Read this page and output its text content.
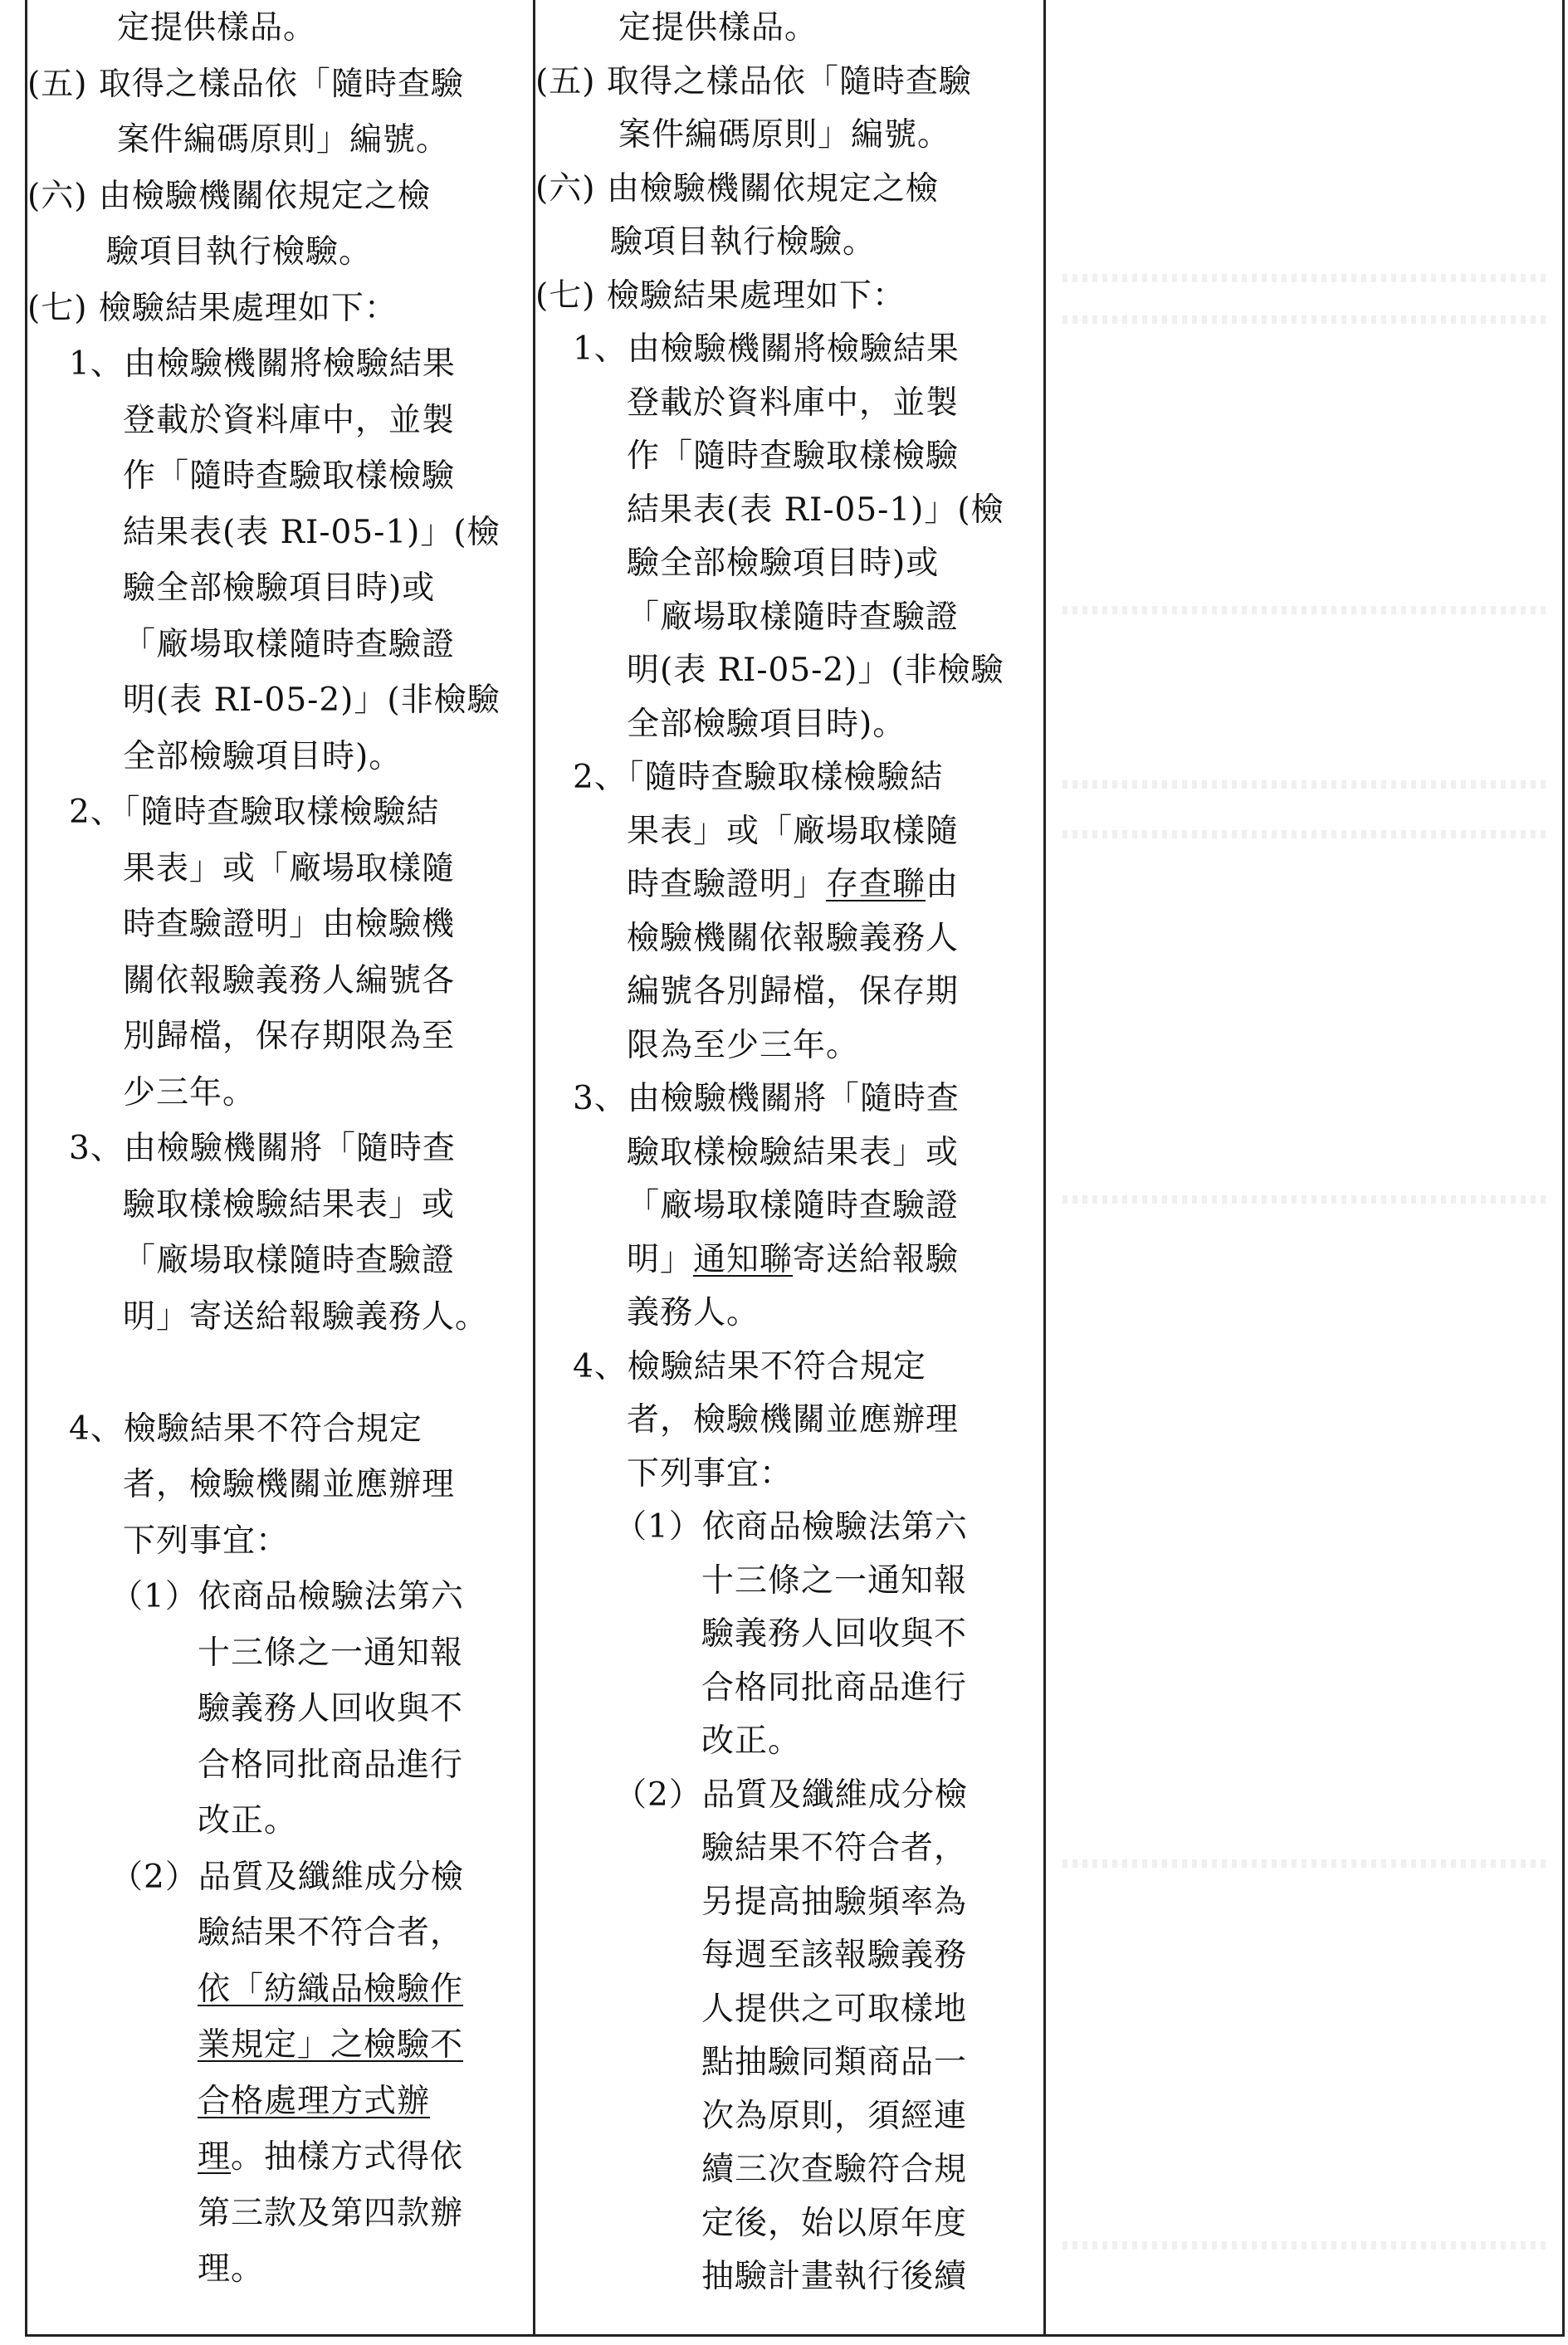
定提供樣品。
(五) 取得之樣品依「隨時查驗
案件編碼原則」編號。
(六) 由檢驗機關依規定之檢
驗項目執行檢驗。
(七) 檢驗結果處理如下：
1、由檢驗機關將檢驗結果
登載於資料庫中，並製
作「隨時查驗取樣檢驗
結果表(表 RI-05-1)」(檢
驗全部檢驗項目時)或
「廠場取樣隨時查驗證
明(表 RI-05-2)」(非檢驗
全部檢驗項目時)。
2、「隨時查驗取樣檢驗結
果表」或「廠場取樣隨
時查驗證明」由檢驗機
關依報驗義務人編號各
別歸檔，保存期限為至
少三年。
3、由檢驗機關將「隨時查
驗取樣檢驗結果表」或
「廠場取樣隨時查驗證
明」寄送給報驗義務人。
4、檢驗結果不符合規定
者，檢驗機關並應辦理
下列事宜：
（1）依商品檢驗法第六
十三條之一通知報
驗義務人回收與不
合格同批商品進行
改正。
（2）品質及纖維成分檢
驗結果不符合者，
依「紡織品檢驗作
業規定」之檢驗不
合格處理方式辦
理。抽樣方式得依
第三款及第四款辦
理。
定提供樣品。
(五) 取得之樣品依「隨時查驗
案件編碼原則」編號。
(六) 由檢驗機關依規定之檢
驗項目執行檢驗。
(七) 檢驗結果處理如下：
1、由檢驗機關將檢驗結果
登載於資料庫中，並製
作「隨時查驗取樣檢驗
結果表(表 RI-05-1)」(檢
驗全部檢驗項目時)或
「廠場取樣隨時查驗證
明(表 RI-05-2)」(非檢驗
全部檢驗項目時)。
2、「隨時查驗取樣檢驗結
果表」或「廠場取樣隨
時查驗證明」存查聯由
檢驗機關依報驗義務人
編號各別歸檔，保存期
限為至少三年。
3、由檢驗機關將「隨時查
驗取樣檢驗結果表」或
「廠場取樣隨時查驗證
明」通知聯寄送給報驗
義務人。
4、檢驗結果不符合規定
者，檢驗機關並應辦理
下列事宜：
（1）依商品檢驗法第六
十三條之一通知報
驗義務人回收與不
合格同批商品進行
改正。
（2）品質及纖維成分檢
驗結果不符合者，
另提高抽驗頻率為
每週至該報驗義務
人提供之可取樣地
點抽驗同類商品一
次為原則，須經連
續三次查驗符合規
定後，始以原年度
抽驗計畫執行後續
